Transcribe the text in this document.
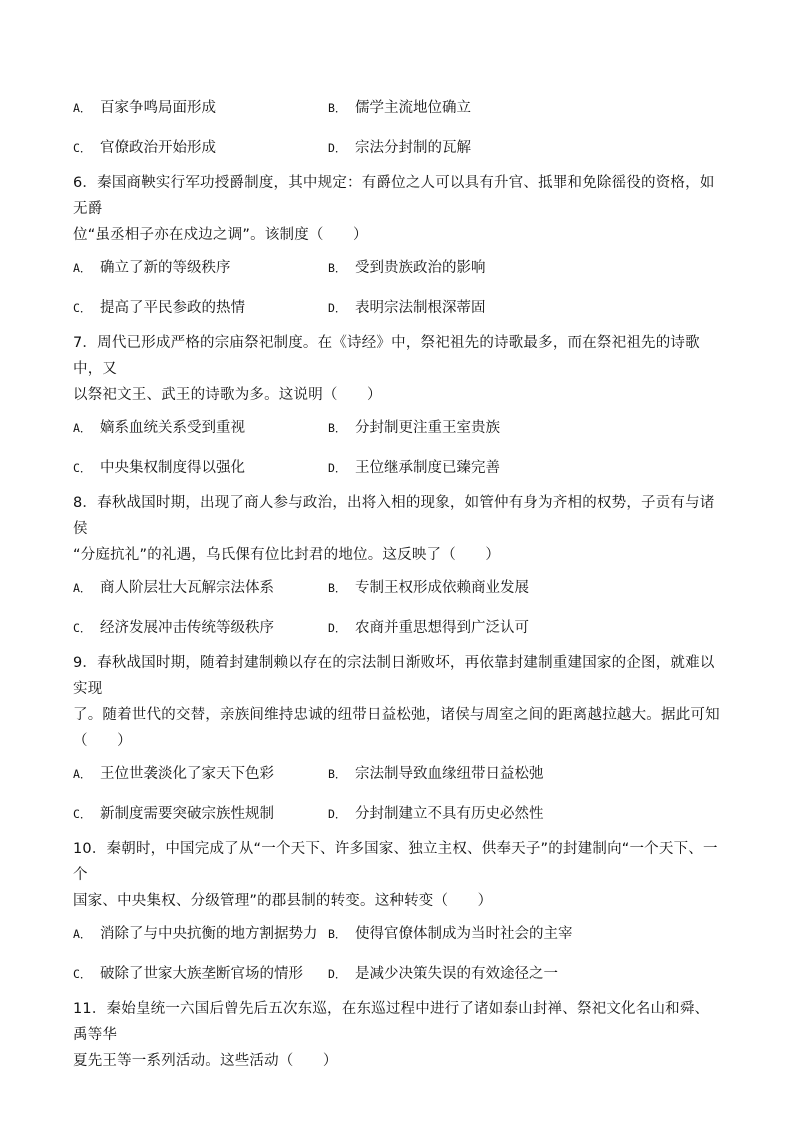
A． 百家争鸣局面形成	B． 儒学主流地位确立
C． 官僚政治开始形成	D． 宗法分封制的瓦解

6．秦国商鞅实行军功授爵制度，其中规定：有爵位之人可以具有升官、抵罪和免除徭役的资格，如无爵

位“虽丞相子亦在戍边之调”。该制度（　　）

A． 确立了新的等级秩序	B． 受到贵族政治的影响
C． 提高了平民参政的热情	D． 表明宗法制根深蒂固

7．周代已形成严格的宗庙祭祀制度。在《诗经》中，祭祀祖先的诗歌最多，而在祭祀祖先的诗歌中，又

以祭祀文王、武王的诗歌为多。这说明（　　）

A． 嫡系血统关系受到重视	B． 分封制更注重王室贵族
C． 中央集权制度得以强化	D． 王位继承制度已臻完善

8．春秋战国时期，出现了商人参与政治，出将入相的现象，如管仲有身为齐相的权势，子贡有与诸侯

“分庭抗礼”的礼遇，乌氏倮有位比封君的地位。这反映了（　　）

A． 商人阶层壮大瓦解宗法体系	B． 专制王权形成依赖商业发展
C． 经济发展冲击传统等级秩序	D． 农商并重思想得到广泛认可

9．春秋战国时期，随着封建制赖以存在的宗法制日渐败坏，再依靠封建制重建国家的企图，就难以实现

了。随着世代的交替，亲族间维持忠诚的纽带日益松弛，诸侯与周室之间的距离越拉越大。据此可知

（　　）

A． 王位世袭淡化了家天下色彩	B． 宗法制导致血缘纽带日益松弛
C． 新制度需要突破宗族性规制	D． 分封制建立不具有历史必然性

10．秦朝时，中国完成了从“一个天下、许多国家、独立主权、供奉天子”的封建制向“一个天下、一个

国家、中央集权、分级管理”的郡县制的转变。这种转变（　　）

A． 消除了与中央抗衡的地方割据势力 B． 使得官僚体制成为当时社会的主宰
C． 破除了世家大族垄断官场的情形 D． 是减少决策失误的有效途径之一

11．秦始皇统一六国后曾先后五次东巡，在东巡过程中进行了诸如泰山封禅、祭祀文化名山和舜、禹等华

夏先王等一系列活动。这些活动（　　）
